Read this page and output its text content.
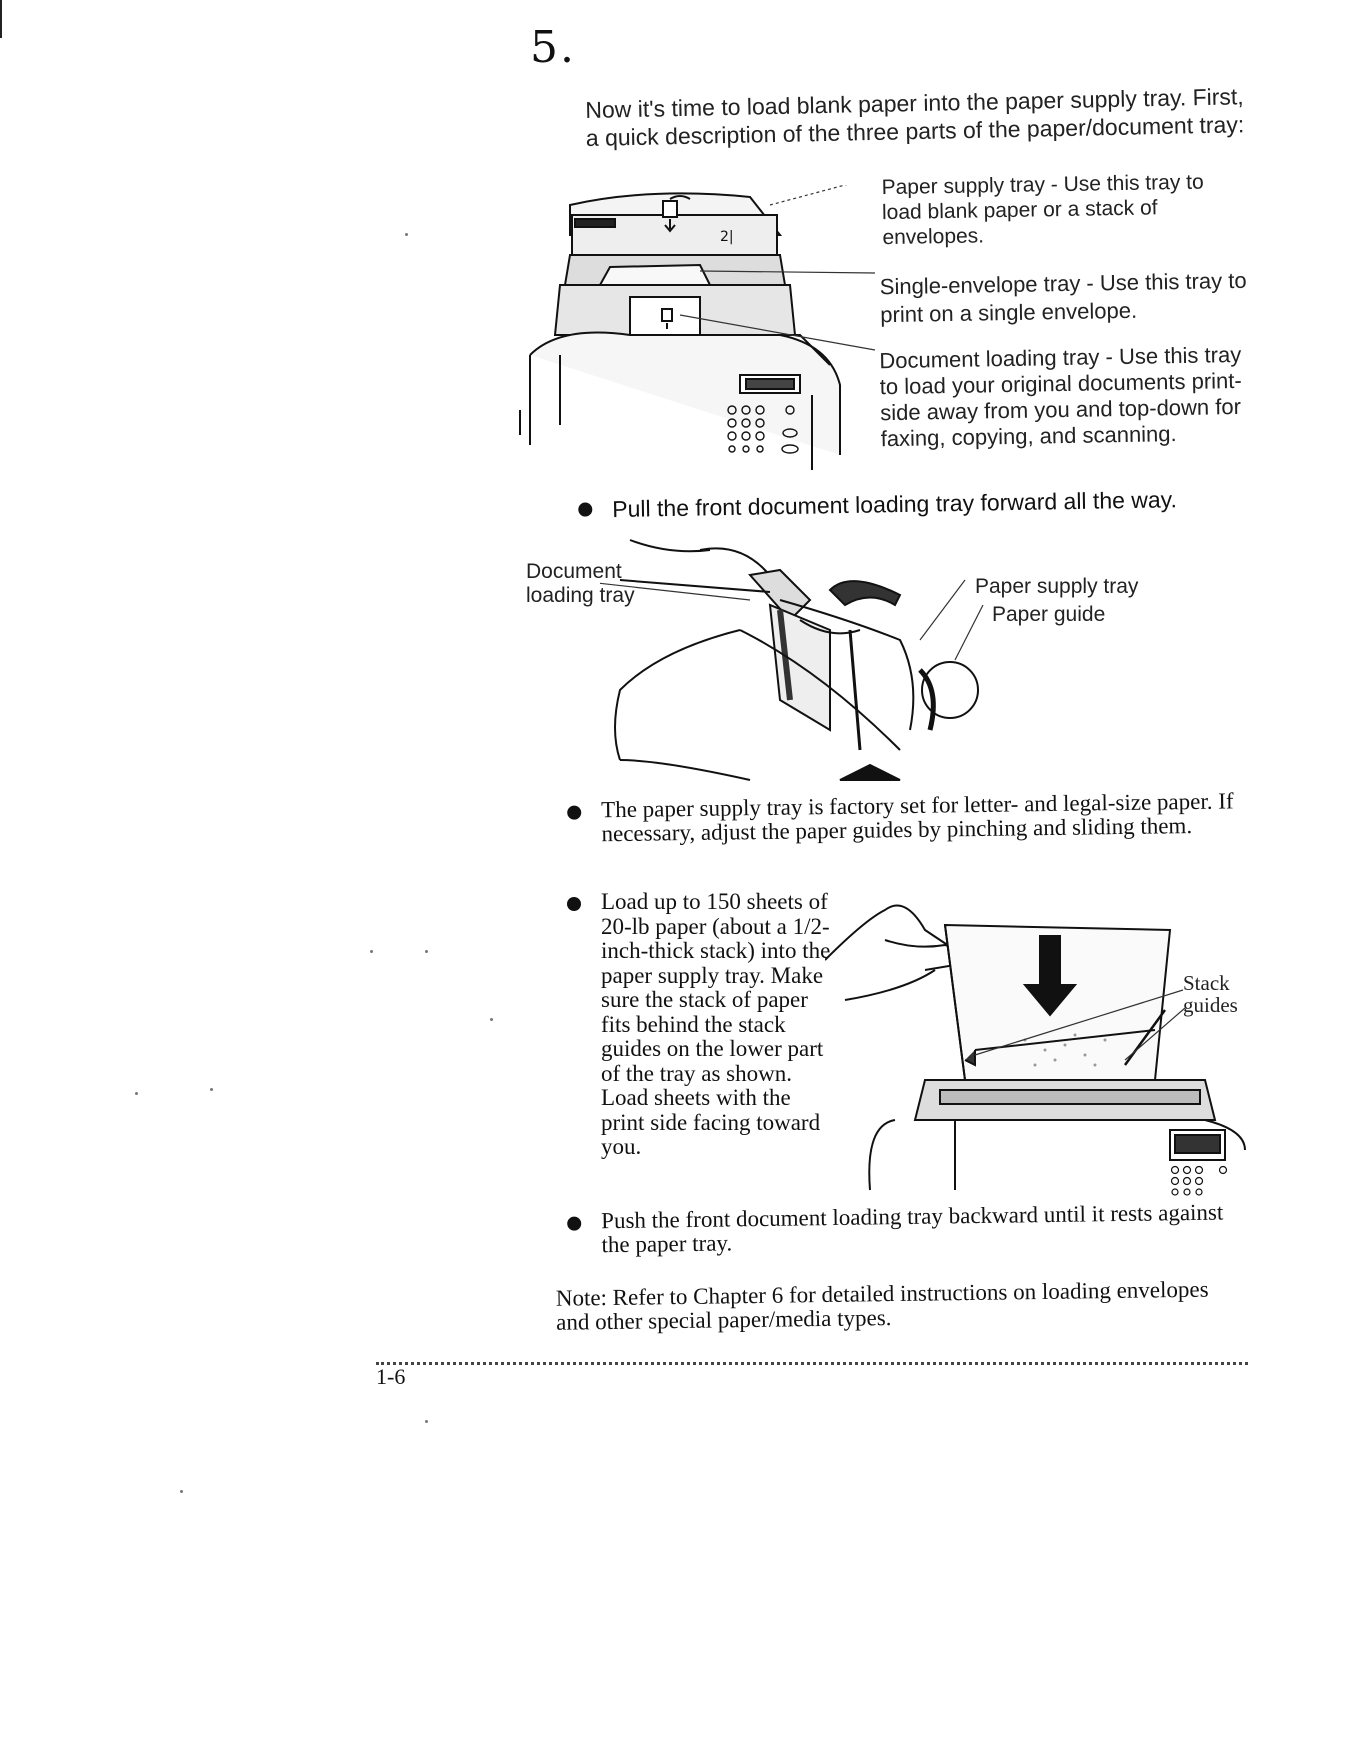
5.
Now it's time to load blank paper into the paper supply tray. First, a quick description of the three parts of the paper/document tray:
2|
Paper supply tray - Use this tray to load blank paper or a stack of envelopes.
Single-envelope tray - Use this tray to print on a single envelope.
Document loading tray - Use this tray to load your original documents print-side away from you and top-down for faxing, copying, and scanning.
Pull the front document loading tray forward all the way.
Document loading tray	Paper supply tray
Paper guide
The paper supply tray is factory set for letter- and legal-size paper. If necessary, adjust the paper guides by pinching and sliding them.
Load up to 150 sheets of 20-lb paper (about a 1/2-inch-thick stack) into the paper supply tray. Make sure the stack of paper fits behind the stack guides on the lower part of the tray as shown. Load sheets with the print side facing toward you.
Stack guides
Push the front document loading tray backward until it rests against the paper tray.
Note: Refer to Chapter 6 for detailed instructions on loading envelopes and other special paper/media types.
1-6
